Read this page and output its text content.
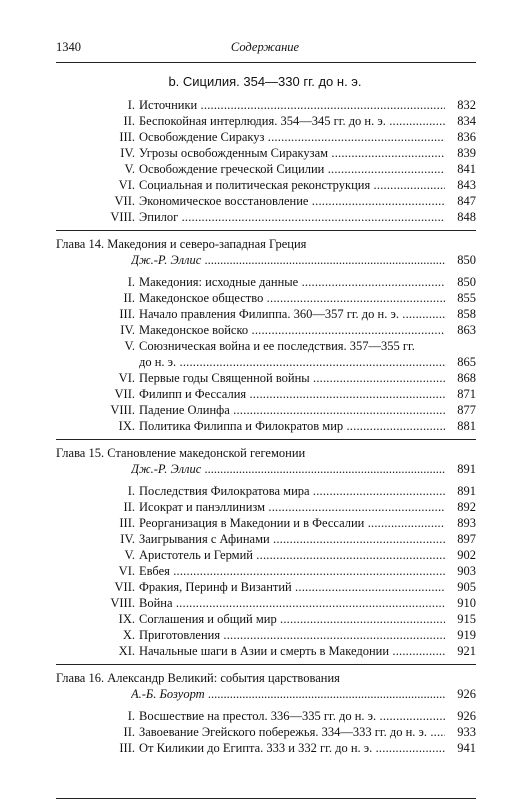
1340	Содержание
b. Сицилия. 354—330 гг. до н. э.
I. Источники .....	832
II. Беспокойная интерлюдия. 354—345 гг. до н. э. .....	834
III. Освобождение Сиракуз .....	836
IV. Угрозы освобожденным Сиракузам .....	839
V. Освобождение греческой Сицилии .....	841
VI. Социальная и политическая реконструкция .....	843
VII. Экономическое восстановление .....	847
VIII. Эпилог .....	848
Глава 14. Македония и северо-западная Греция
Дж.-Р. Эллис .....	850
I. Македония: исходные данные .....	850
II. Македонское общество .....	855
III. Начало правления Филиппа. 360—357 гг. до н. э. .....	858
IV. Македонское войско .....	863
V. Союзническая война и ее последствия. 357—355 гг.
до н. э. .....	865
VI. Первые годы Священной войны .....	868
VII. Филипп и Фессалия .....	871
VIII. Падение Олинфа .....	877
IX. Политика Филиппа и Филократов мир .....	881
Глава 15. Становление македонской гегемонии
Дж.-Р. Эллис .....	891
I. Последствия Филократова мира .....	891
II. Исократ и панэллинизм .....	892
III. Реорганизация в Македонии и в Фессалии .....	893
IV. Заигрывания с Афинами .....	897
V. Аристотель и Гермий .....	902
VI. Евбея .....	903
VII. Фракия, Перинф и Византий .....	905
VIII. Война .....	910
IX. Соглашения и общий мир .....	915
X. Приготовления .....	919
XI. Начальные шаги в Азии и смерть в Македонии .....	921
Глава 16. Александр Великий: события царствования
А.-Б. Бозуорт .....	926
I. Восшествие на престол. 336—335 гг. до н. э. .....	926
II. Завоевание Эгейского побережья. 334—333 гг. до н. э. .....	933
III. От Киликии до Египта. 333 и 332 гг. до н. э. .....	941
